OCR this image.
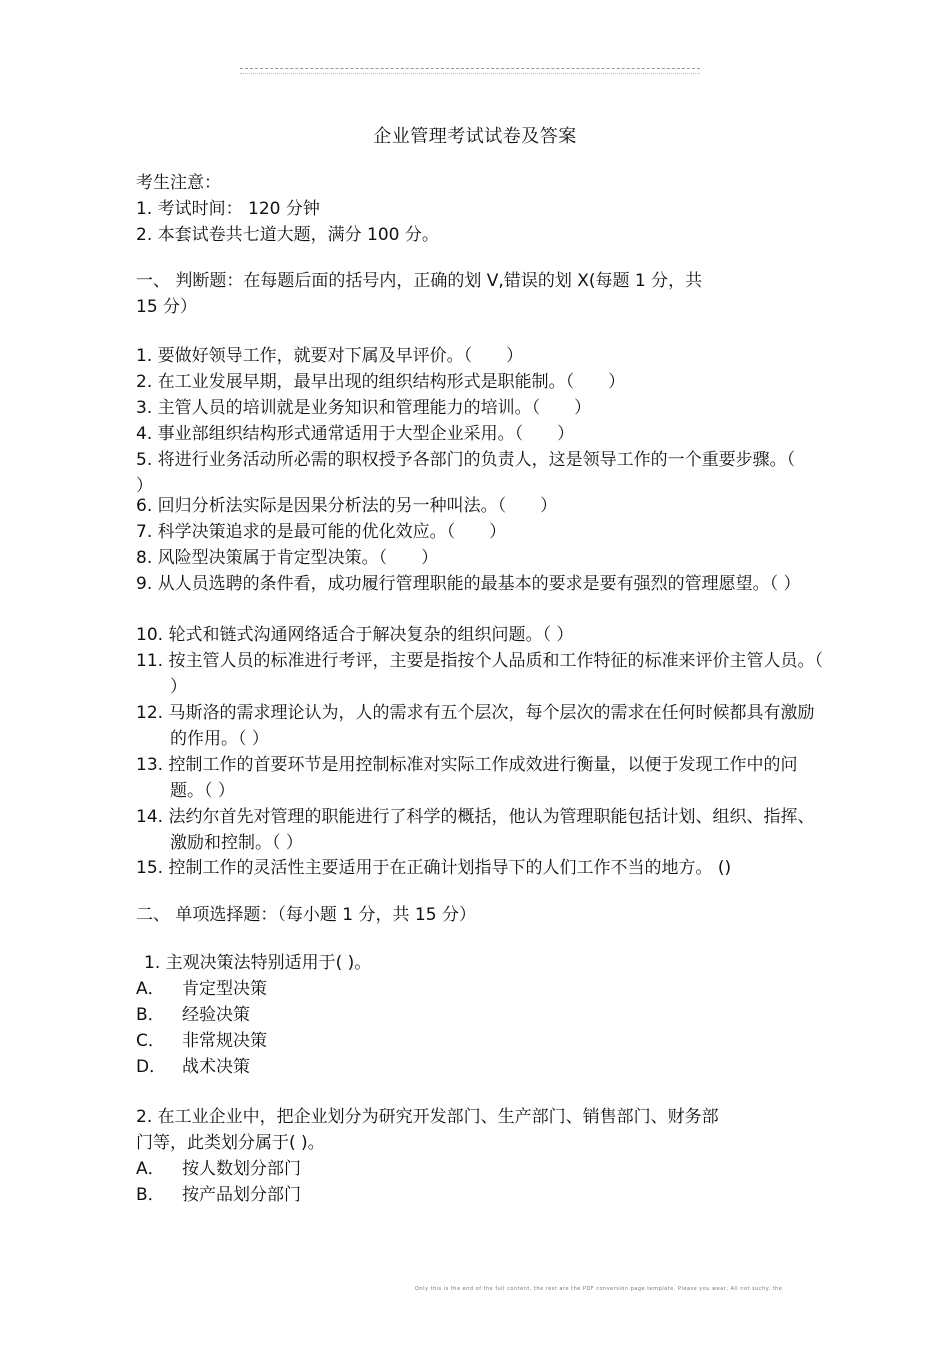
企业管理考试试卷及答案
考生注意：
1. 考试时间： 120 分钟
2. 本套试卷共七道大题，满分 100 分。
一、 判断题：在每题后面的括号内，正确的划 V,错误的划 X(每题 1 分，共
15 分）
1. 要做好领导工作，就要对下属及早评价。（　　）
2. 在工业发展早期，最早出现的组织结构形式是职能制。（　　）
3. 主管人员的培训就是业务知识和管理能力的培训。（　　）
4. 事业部组织结构形式通常适用于大型企业采用。（　　）
5. 将进行业务活动所必需的职权授予各部门的负责人，这是领导工作的一个重要步骤。（ ）
6. 回归分析法实际是因果分析法的另一种叫法。（　　）
7. 科学决策追求的是最可能的优化效应。（　　）
8. 风险型决策属于肯定型决策。（　　）
9. 从人员选聘的条件看，成功履行管理职能的最基本的要求是要有强烈的管理愿望。（ ）
10. 轮式和链式沟通网络适合于解决复杂的组织问题。（ ）
11. 按主管人员的标准进行考评，主要是指按个人品质和工作特征的标准来评价主管人员。（ ）
12. 马斯洛的需求理论认为，人的需求有五个层次，每个层次的需求在任何时候都具有激励的作用。（ ）
13. 控制工作的首要环节是用控制标准对实际工作成效进行衡量，以便于发现工作中的问题。（ ）
14. 法约尔首先对管理的职能进行了科学的概括，他认为管理职能包括计划、组织、指挥、激励和控制。（ ）
15. 控制工作的灵活性主要适用于在正确计划指导下的人们工作不当的地方。 ()
二、 单项选择题：（每小题 1 分，共 15 分）
1. 主观决策法特别适用于( )。
A． 肯定型决策
B． 经验决策
C． 非常规决策
D． 战术决策
2. 在工业企业中，把企业划分为研究开发部门、生产部门、销售部门、财务部
门等，此类划分属于( )。
A． 按人数划分部门
B． 按产品划分部门
Only this is the end of the full content, the rest are the PDF conversion page template. Please you wear, All not suchy. the
